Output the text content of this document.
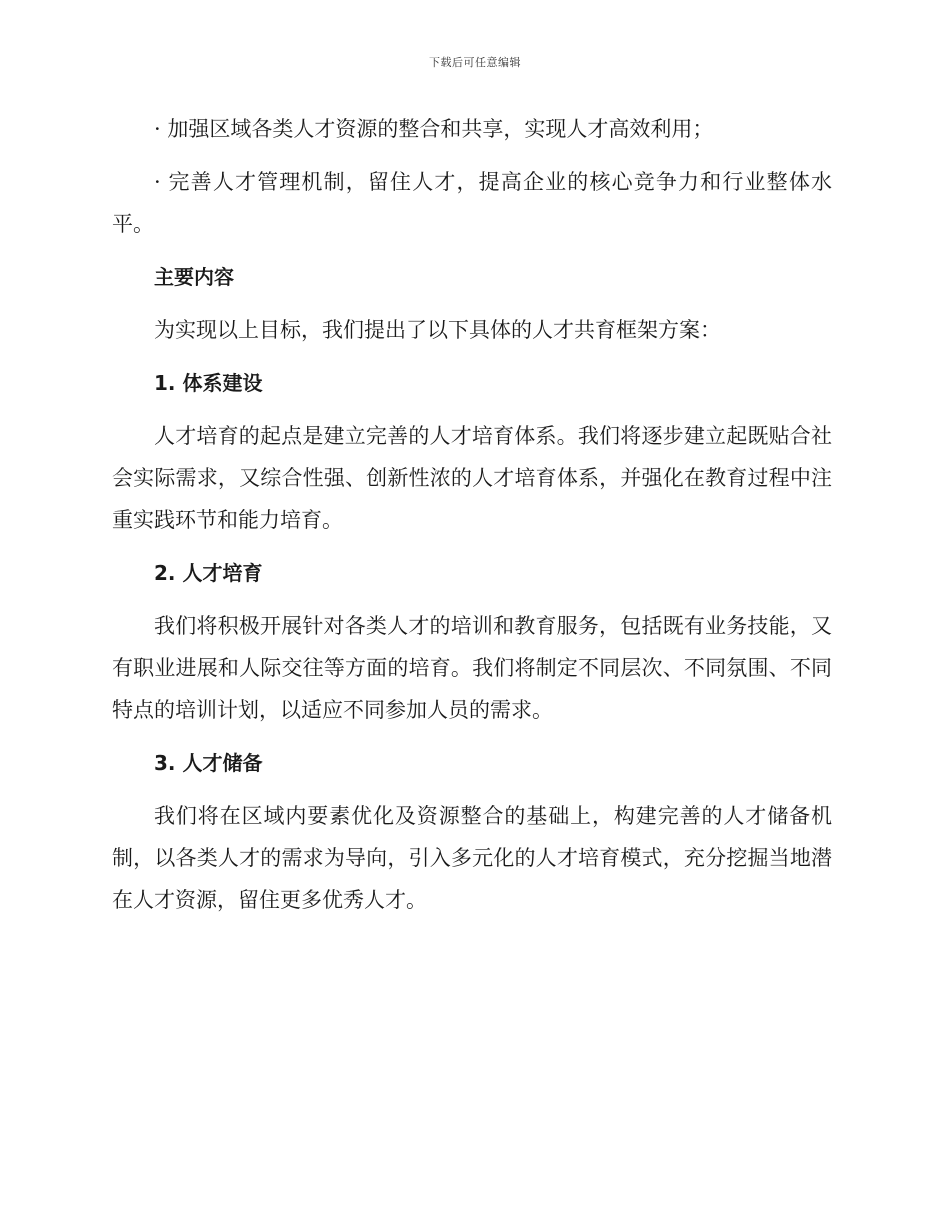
下载后可任意编辑

· 加强区域各类人才资源的整合和共享，实现人才高效利用；

· 完善人才管理机制，留住人才，提高企业的核心竞争力和行业整体水平。

主要内容

为实现以上目标，我们提出了以下具体的人才共育框架方案：

1. 体系建设

人才培育的起点是建立完善的人才培育体系。我们将逐步建立起既贴合社会实际需求，又综合性强、创新性浓的人才培育体系，并强化在教育过程中注重实践环节和能力培育。

2. 人才培育

我们将积极开展针对各类人才的培训和教育服务，包括既有业务技能，又有职业进展和人际交往等方面的培育。我们将制定不同层次、不同氛围、不同特点的培训计划，以适应不同参加人员的需求。

3. 人才储备

我们将在区域内要素优化及资源整合的基础上，构建完善的人才储备机制，以各类人才的需求为导向，引入多元化的人才培育模式，充分挖掘当地潜在人才资源，留住更多优秀人才。
